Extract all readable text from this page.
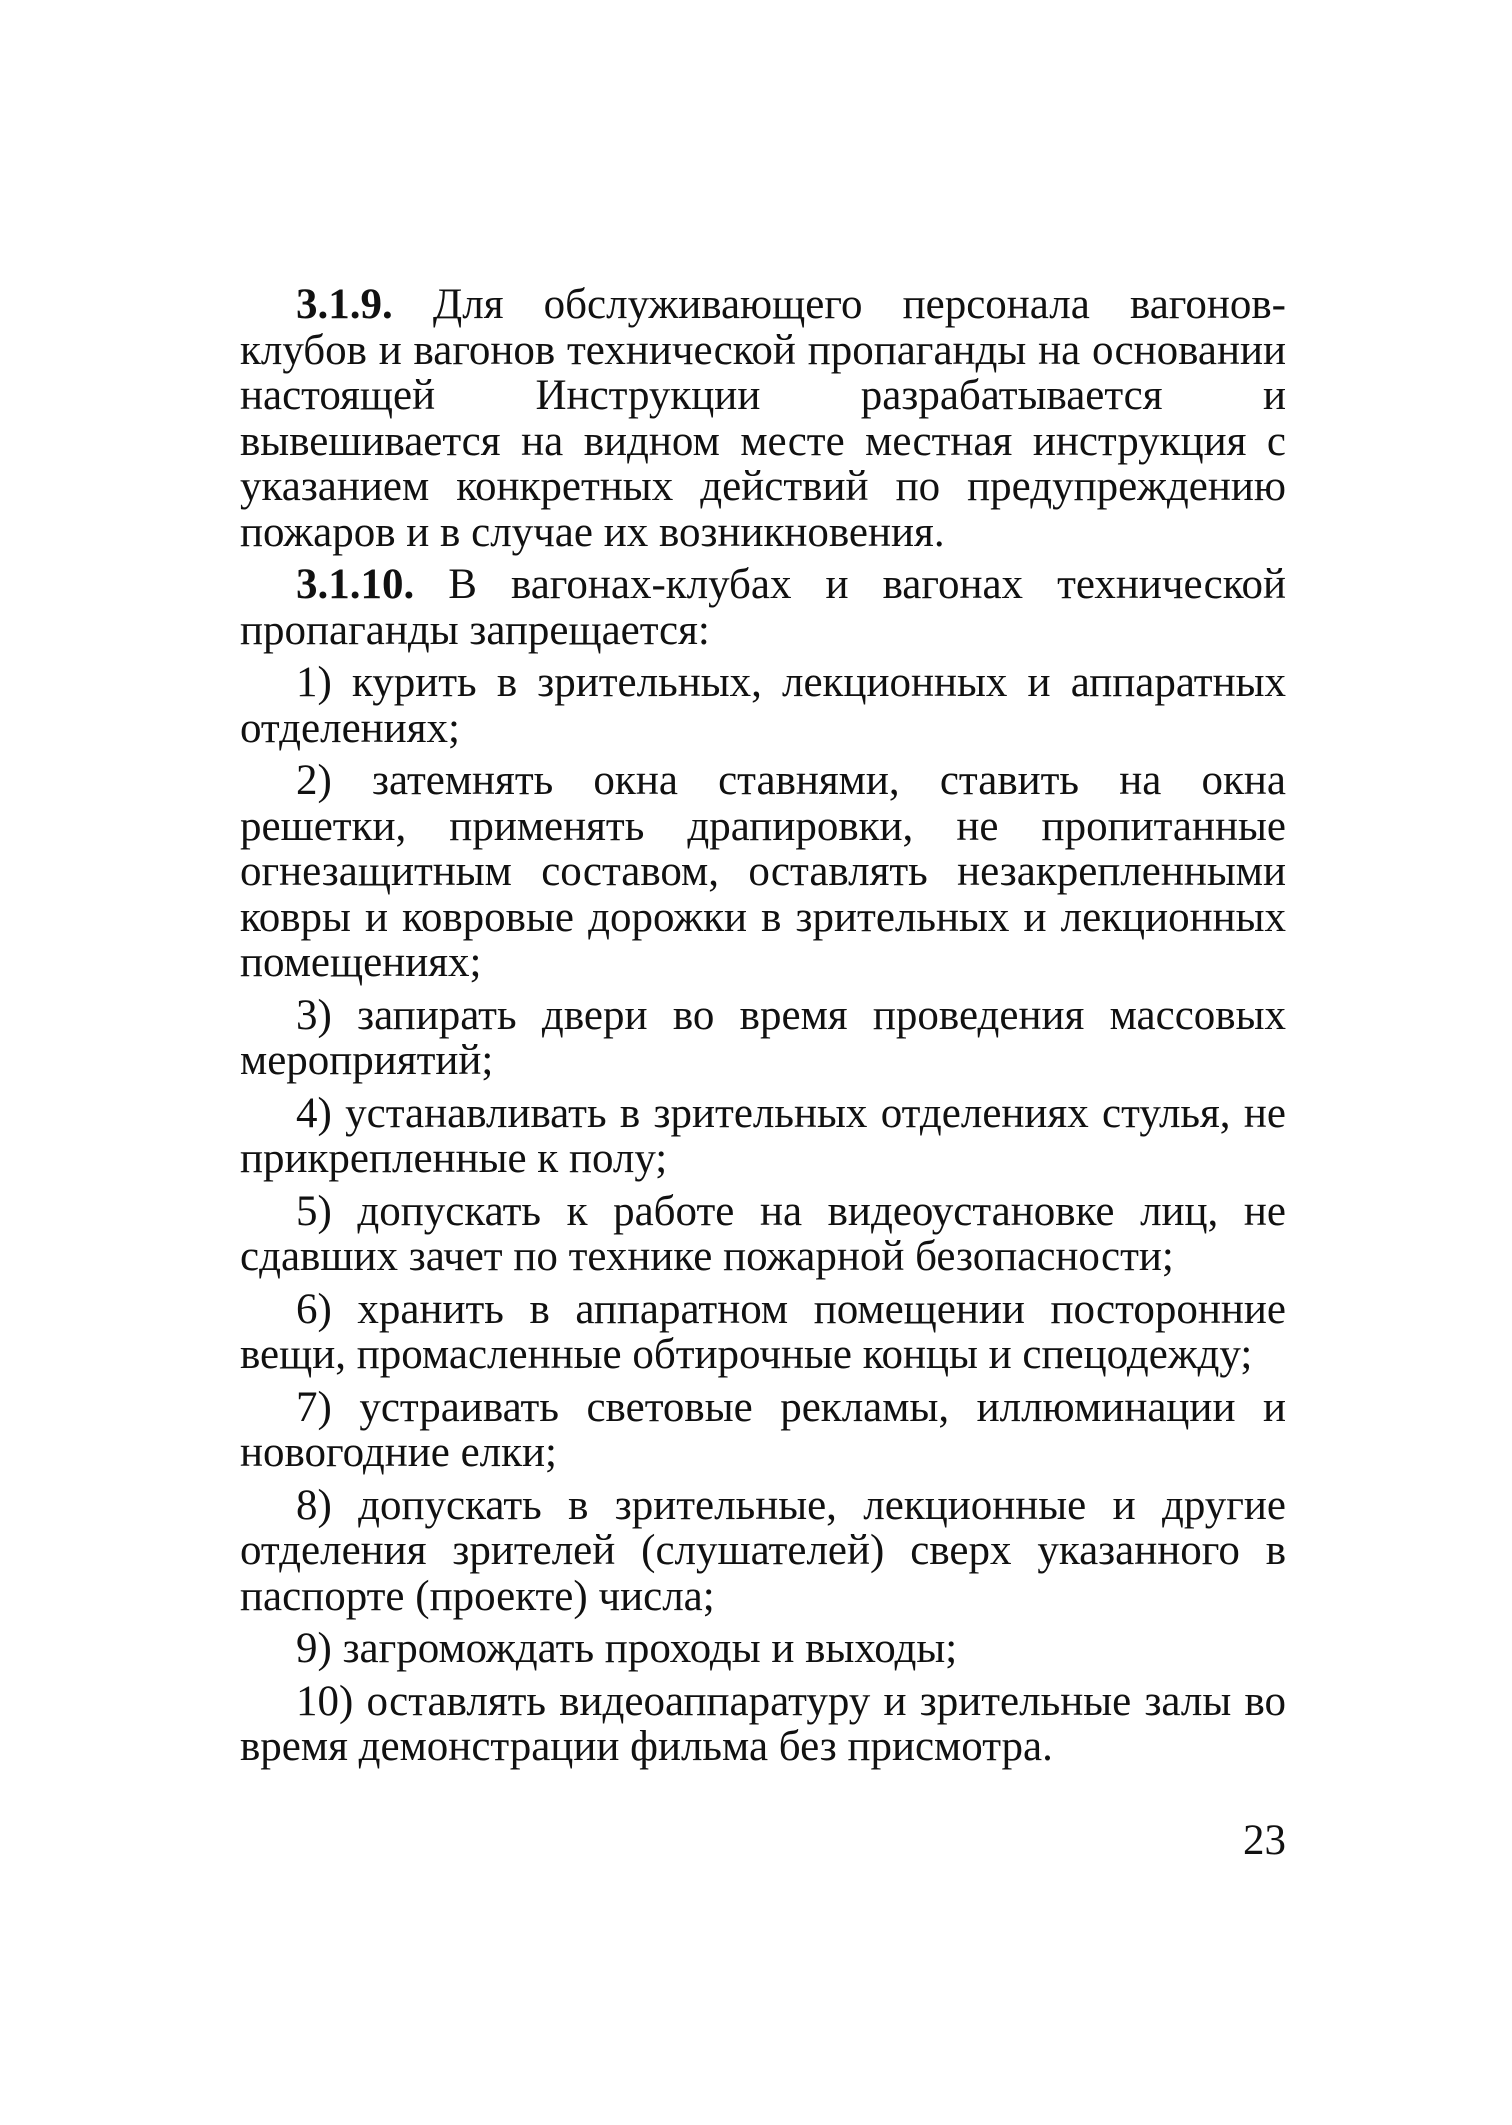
3.1.9. Для обслуживающего персонала вагонов-клубов и вагонов технической пропаганды на основании настоящей Инструкции разрабатывается и вывешивается на видном месте местная инструкция с указанием конкретных действий по предупреждению пожаров и в случае их возникновения.

3.1.10. В вагонах-клубах и вагонах технической пропаганды запрещается:

1) курить в зрительных, лекционных и аппаратных отделениях;

2) затемнять окна ставнями, ставить на окна решетки, применять драпировки, не пропитанные огнезащитным составом, оставлять незакрепленными ковры и ковровые дорожки в зрительных и лекционных помещениях;

3) запирать двери во время проведения массовых мероприятий;

4) устанавливать в зрительных отделениях стулья, не прикрепленные к полу;

5) допускать к работе на видеоустановке лиц, не сдавших зачет по технике пожарной безопасности;

6) хранить в аппаратном помещении посторонние вещи, промасленные обтирочные концы и спецодежду;

7) устраивать световые рекламы, иллюминации и новогодние елки;

8) допускать в зрительные, лекционные и другие отделения зрителей (слушателей) сверх указанного в паспорте (проекте) числа;

9) загромождать проходы и выходы;

10) оставлять видеоаппаратуру и зрительные залы во время демонстрации фильма без присмотра.

23
